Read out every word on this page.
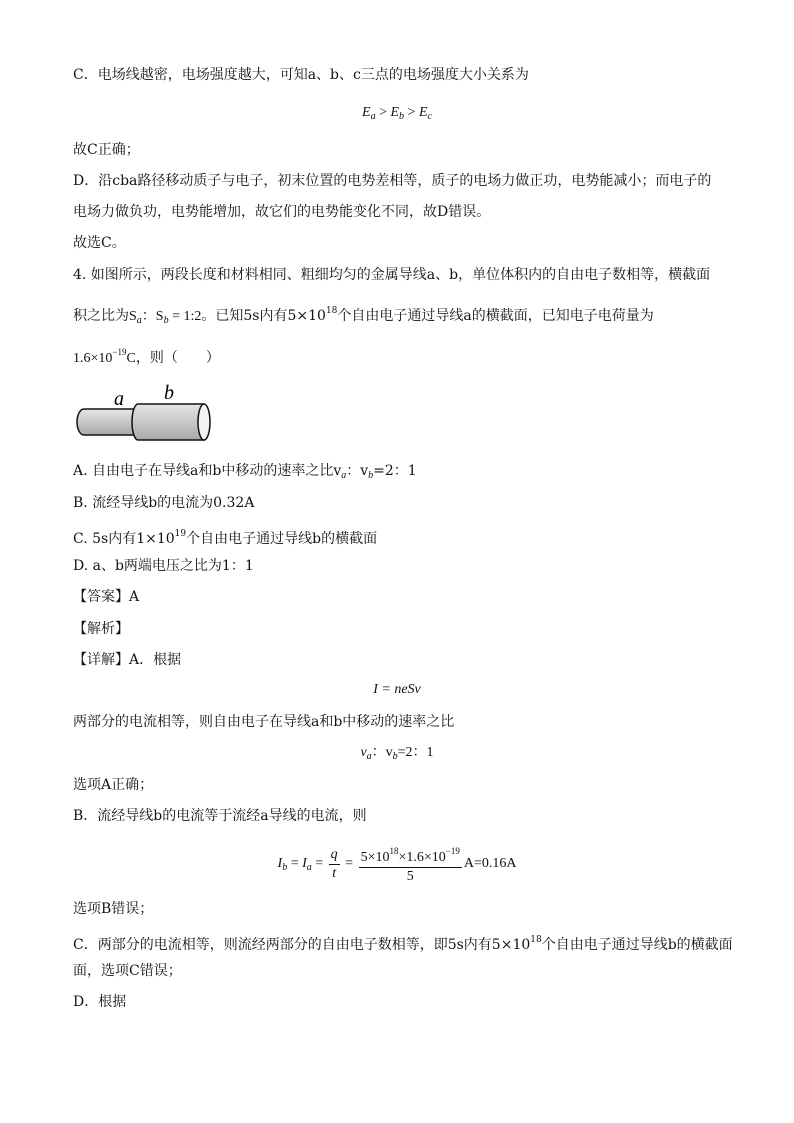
C．电场线越密，电场强度越大，可知a、b、c三点的电场强度大小关系为
$E_a > E_b > E_c$
故C正确；
D．沿cba路径移动质子与电子，初末位置的电势差相等，质子的电场力做正功，电势能减小；而电子的
电场力做负功，电势能增加，故它们的电势能变化不同，故D错误。
故选C。
4. 如图所示，两段长度和材料相同、粗细均匀的金属导线a、b，单位体积内的自由电子数相等，横截面
积之比为$S_a$：$S_b$ = 1:2。已知5s内有$5\times 10^{18}$个自由电子通过导线a的横截面，已知电子电荷量为
$1.6\times 10^{-19}C$，则（　　）
a b
A. 自由电子在导线a和b中移动的速率之比$v_a$：$v_b=2$：1
B. 流经导线b的电流为0.32A
C. 5s内有$1\times 10^{19}$个自由电子通过导线b的横截面
D. a、b两端电压之比为1：1
【答案】A
【解析】
【详解】A．根据
I = neSv
两部分的电流相等，则自由电子在导线a和b中移动的速率之比
$v_a$：$v_b=2$：1
选项A正确；
B．流经导线b的电流等于流经a导线的电流，则
$I_b = I_a = \frac{q}{t} = \frac{5\times 10^{18}\times 1.6\times 10^{-19}}{5} A=0.16A$
选项B错误；
C．两部分的电流相等，则流经两部分的自由电子数相等，即5s内有$5\times 10^{18}$个自由电子通过导线b的横截面
面，选项C错误；
D．根据
